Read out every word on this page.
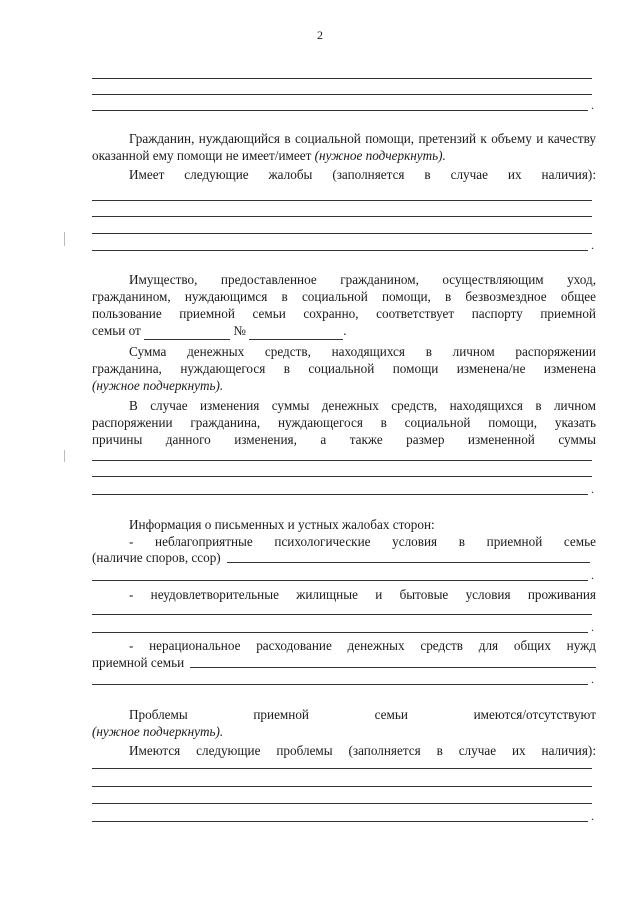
2
.
Гражданин, нуждающийся в социальной помощи, претензий к объему и качеству оказанной ему помощи не имеет/имеет (нужное подчеркнуть).
Имеет следующие жалобы (заполняется в случае их наличия):
.
Имущество, предоставленное гражданином, осуществляющим уход,
гражданином, нуждающимся в социальной помощи, в безвозмездное общее
пользование приемной семьи сохранно, соответствует паспорту приемной
семьи от	№	.
Сумма денежных средств, находящихся в личном распоряжении
гражданина, нуждающегося в социальной помощи изменена/не изменена
(нужное подчеркнуть).
В случае изменения суммы денежных средств, находящихся в личном
распоряжении гражданина, нуждающегося в социальной помощи, указать
причины данного изменения, а также размер измененной суммы
.
Информация о письменных и устных жалобах сторон:
- неблагоприятные психологические условия в приемной семье
(наличие споров, ссор)
.
- неудовлетворительные жилищные и бытовые условия проживания
.
- нерациональное расходование денежных средств для общих нужд
приемной семьи
.
Проблемы	приемной	семьи	имеются/отсутствуют
(нужное подчеркнуть).
Имеются следующие проблемы (заполняется в случае их наличия):
.
